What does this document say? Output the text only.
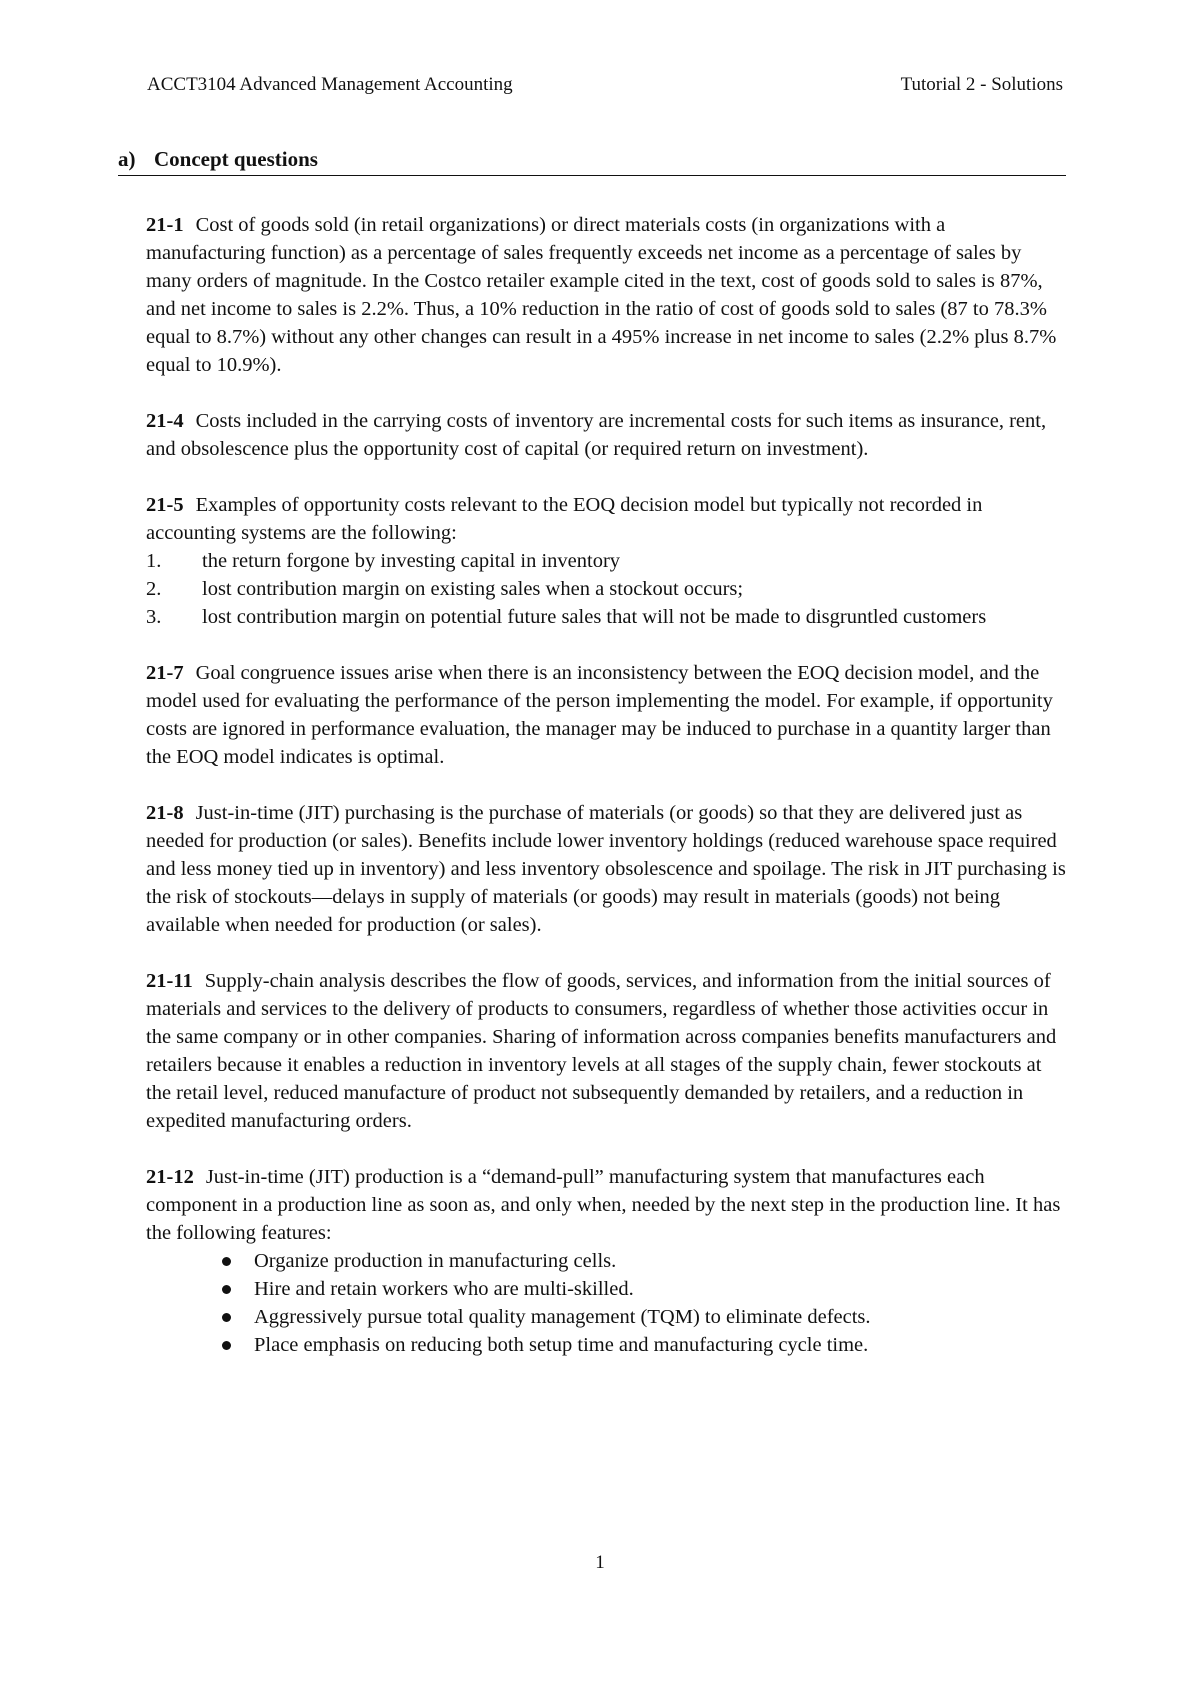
ACCT3104 Advanced Management Accounting	Tutorial 2 - Solutions
a) Concept questions

21-1 Cost of goods sold (in retail organizations) or direct materials costs (in organizations with a manufacturing function) as a percentage of sales frequently exceeds net income as a percentage of sales by many orders of magnitude. In the Costco retailer example cited in the text, cost of goods sold to sales is 87%, and net income to sales is 2.2%. Thus, a 10% reduction in the ratio of cost of goods sold to sales (87 to 78.3% equal to 8.7%) without any other changes can result in a 495% increase in net income to sales (2.2% plus 8.7% equal to 10.9%).

21-4 Costs included in the carrying costs of inventory are incremental costs for such items as insurance, rent, and obsolescence plus the opportunity cost of capital (or required return on investment).

21-5 Examples of opportunity costs relevant to the EOQ decision model but typically not recorded in accounting systems are the following:

1. the return forgone by investing capital in inventory
2. lost contribution margin on existing sales when a stockout occurs;
3. lost contribution margin on potential future sales that will not be made to disgruntled customers

21-7 Goal congruence issues arise when there is an inconsistency between the EOQ decision model, and the model used for evaluating the performance of the person implementing the model. For example, if opportunity costs are ignored in performance evaluation, the manager may be induced to purchase in a quantity larger than the EOQ model indicates is optimal.

21-8 Just-in-time (JIT) purchasing is the purchase of materials (or goods) so that they are delivered just as needed for production (or sales). Benefits include lower inventory holdings (reduced warehouse space required and less money tied up in inventory) and less inventory obsolescence and spoilage. The risk in JIT purchasing is the risk of stockouts—delays in supply of materials (or goods) may result in materials (goods) not being available when needed for production (or sales).

21-11 Supply-chain analysis describes the flow of goods, services, and information from the initial sources of materials and services to the delivery of products to consumers, regardless of whether those activities occur in the same company or in other companies. Sharing of information across companies benefits manufacturers and retailers because it enables a reduction in inventory levels at all stages of the supply chain, fewer stockouts at the retail level, reduced manufacture of product not subsequently demanded by retailers, and a reduction in expedited manufacturing orders.

21-12 Just-in-time (JIT) production is a “demand-pull” manufacturing system that manufactures each component in a production line as soon as, and only when, needed by the next step in the production line. It has the following features:

Organize production in manufacturing cells.
Hire and retain workers who are multi-skilled.
Aggressively pursue total quality management (TQM) to eliminate defects.
Place emphasis on reducing both setup time and manufacturing cycle time.
1
